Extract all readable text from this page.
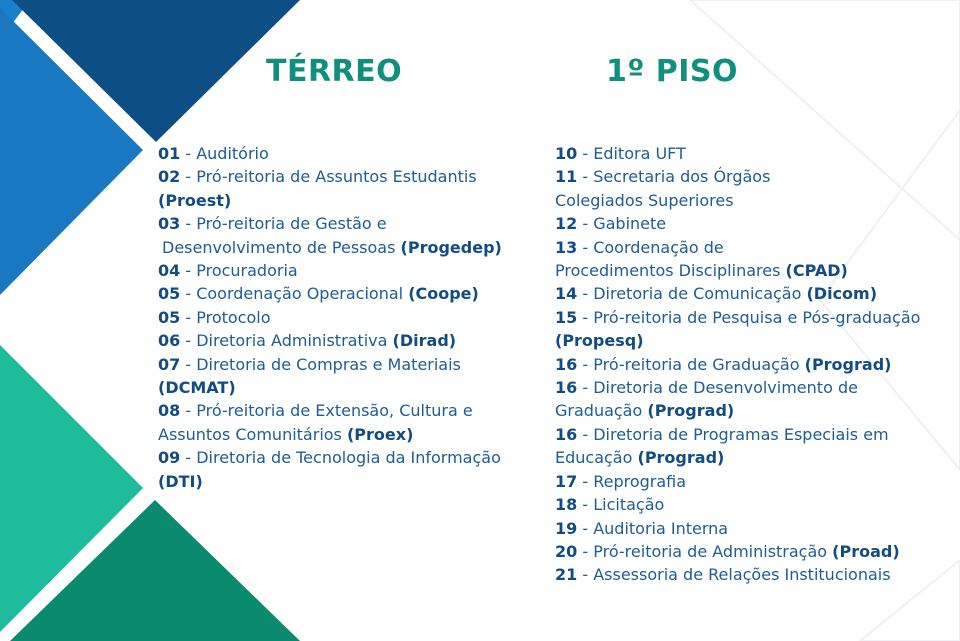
TÉRREO	1º PISO
01 - Auditório
02 - Pró-reitoria de Assuntos Estudantis
(Proest)
03 - Pró-reitoria de Gestão e
Desenvolvimento de Pessoas (Progedep)
04 - Procuradoria
05 - Coordenação Operacional (Coope)
05 - Protocolo
06 - Diretoria Administrativa (Dirad)
07 - Diretoria de Compras e Materiais
(DCMAT)
08 - Pró-reitoria de Extensão, Cultura e
Assuntos Comunitários (Proex)
09 - Diretoria de Tecnologia da Informação
(DTI)
10 - Editora UFT
11 - Secretaria dos Órgãos
Colegiados Superiores
12 - Gabinete
13 - Coordenação de
Procedimentos Disciplinares (CPAD)
14 - Diretoria de Comunicação (Dicom)
15 - Pró-reitoria de Pesquisa e Pós-graduação
(Propesq)
16 - Pró-reitoria de Graduação (Prograd)
16 - Diretoria de Desenvolvimento de
Graduação (Prograd)
16 - Diretoria de Programas Especiais em
Educação (Prograd)
17 - Reprografia
18 - Licitação
19 - Auditoria Interna
20 - Pró-reitoria de Administração (Proad)
21 - Assessoria de Relações Institucionais
